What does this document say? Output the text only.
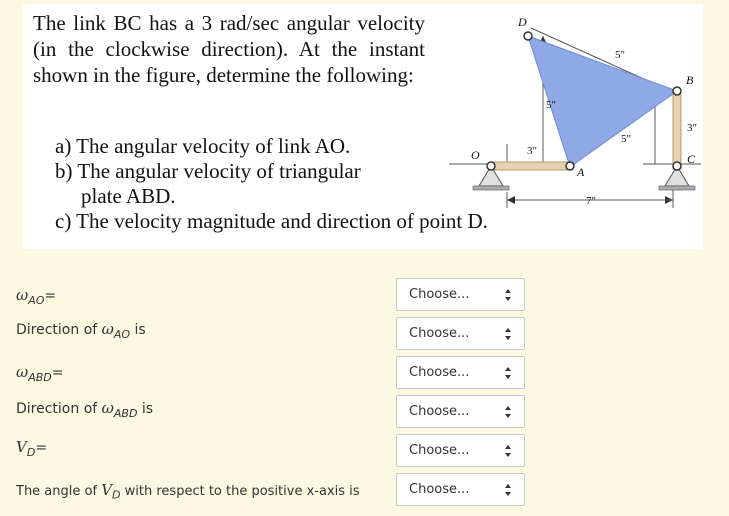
The link BC has a 3 rad/sec angular velocity (in the clockwise direction). At the instant shown in the figure, determine the following:
D
B
A
C
O
5″
5″
5″
3″
3″
7″
a) The angular velocity of link AO.
b) The angular velocity of triangular
plate ABD.
c) The velocity magnitude and direction of point D.
$\omega_{AO}=$	Choose...
Direction of $\omega_{AO}$ is	Choose...
$\omega_{ABD}=$	Choose...
Direction of $\omega_{ABD}$ is	Choose...
$V_D=$	Choose...
The angle of $V_D$ with respect to the positive x-axis is	Choose...
